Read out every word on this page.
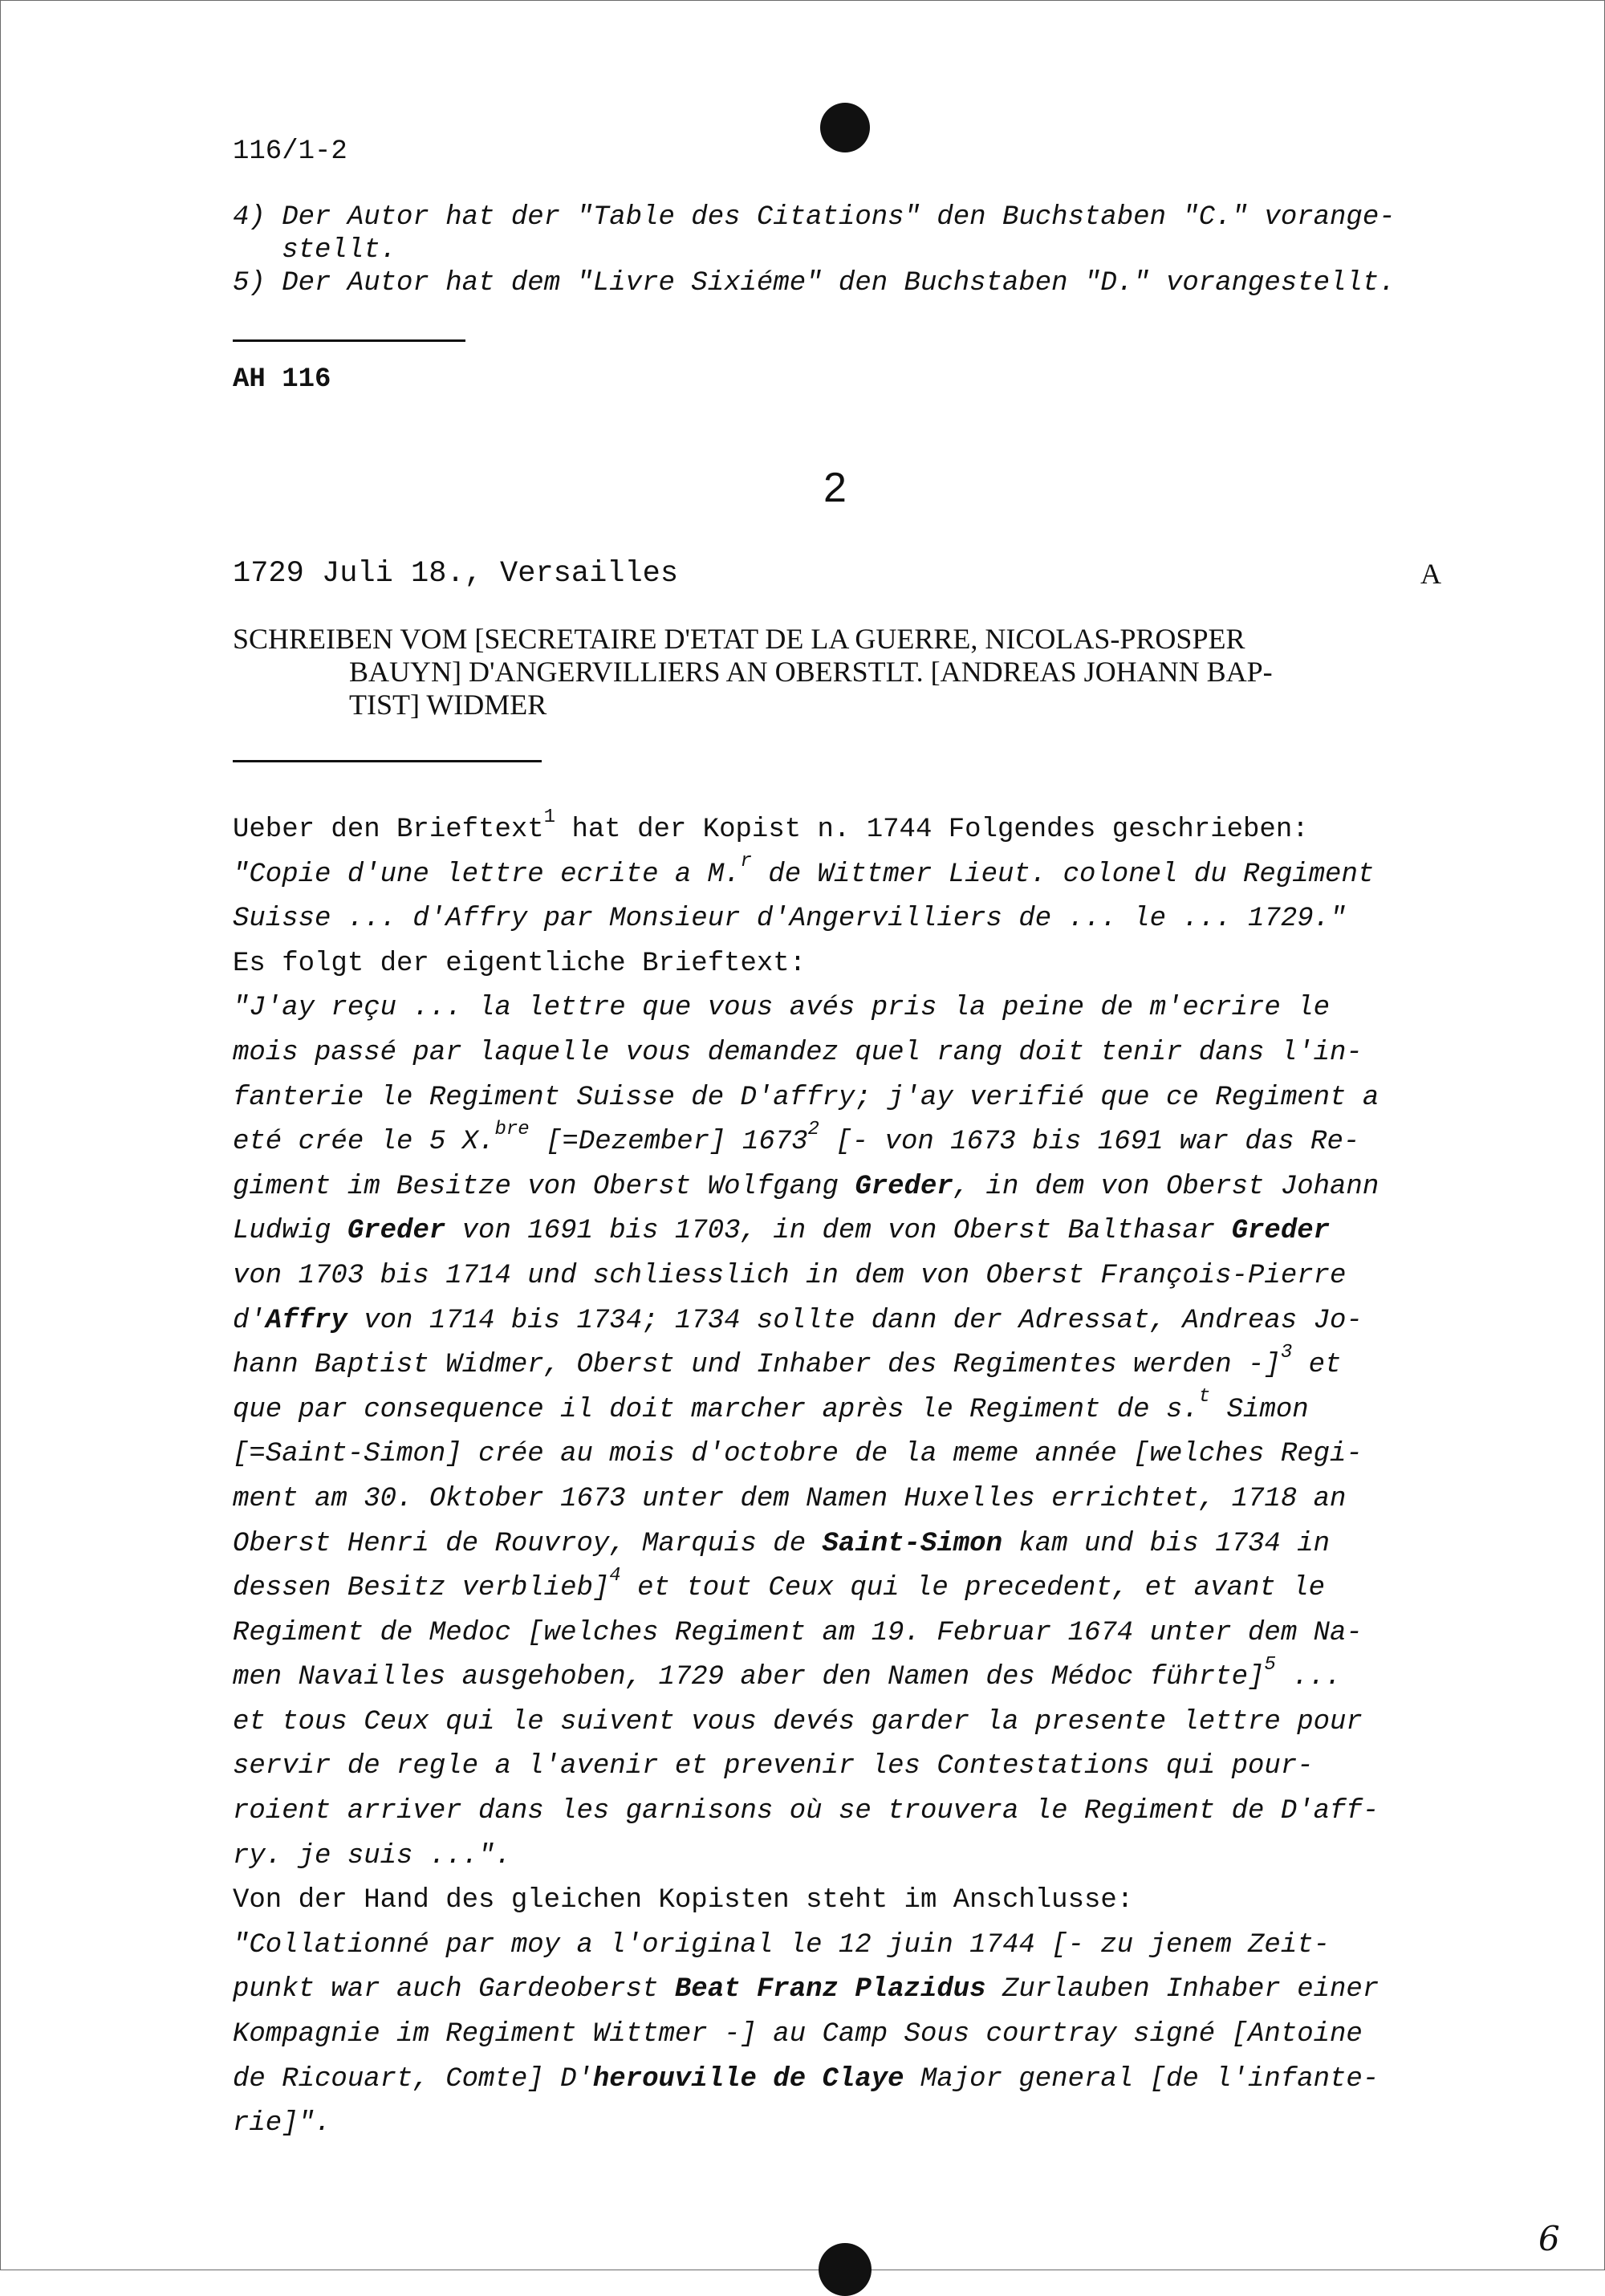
116/1-2
4) Der Autor hat der "Table des Citations" den Buchstaben "C." vorange-
stellt.
5) Der Autor hat dem "Livre Sixiéme" den Buchstaben "D." vorangestellt.
AH 116
2
1729 Juli 18., Versailles	A
SCHREIBEN VOM [SECRETAIRE D'ETAT DE LA GUERRE, NICOLAS-PROSPER
BAUYN] D'ANGERVILLIERS AN OBERSTLT. [ANDREAS JOHANN BAP-
TIST] WIDMER
Ueber den Brieftext$^1$ hat der Kopist n. 1744 Folgendes geschrieben:
"Copie d'une lettre ecrite a M.$^r$ de Wittmer Lieut. colonel du Regiment
Suisse ... d'Affry par Monsieur d'Angervilliers de ... le ... 1729."
Es folgt der eigentliche Brieftext:
"J'ay reçu ... la lettre que vous avés pris la peine de m'ecrire le
mois passé par laquelle vous demandez quel rang doit tenir dans l'in-
fanterie le Regiment Suisse de D'affry; j'ay verifié que ce Regiment a
eté crée le 5 X.$^{bre}$ [=Dezember] 1673$^2$ [- von 1673 bis 1691 war das Re-
giment im Besitze von Oberst Wolfgang Greder, in dem von Oberst Johann
Ludwig Greder von 1691 bis 1703, in dem von Oberst Balthasar Greder
von 1703 bis 1714 und schliesslich in dem von Oberst François-Pierre
d'Affry von 1714 bis 1734; 1734 sollte dann der Adressat, Andreas Jo-
hann Baptist Widmer, Oberst und Inhaber des Regimentes werden -]$^3$ et
que par consequence il doit marcher après le Regiment de s.$^t$ Simon
[=Saint-Simon] crée au mois d'octobre de la meme année [welches Regi-
ment am 30. Oktober 1673 unter dem Namen Huxelles errichtet, 1718 an
Oberst Henri de Rouvroy, Marquis de Saint-Simon kam und bis 1734 in
dessen Besitz verblieb]$^4$ et tout Ceux qui le precedent, et avant le
Regiment de Medoc [welches Regiment am 19. Februar 1674 unter dem Na-
men Navailles ausgehoben, 1729 aber den Namen des Médoc führte]$^5$ ...
et tous Ceux qui le suivent vous devés garder la presente lettre pour
servir de regle a l'avenir et prevenir les Contestations qui pour-
roient arriver dans les garnisons où se trouvera le Regiment de D'aff-
ry. je suis ...".
Von der Hand des gleichen Kopisten steht im Anschlusse:
"Collationné par moy a l'original le 12 juin 1744 [- zu jenem Zeit-
punkt war auch Gardeoberst Beat Franz Plazidus Zurlauben Inhaber einer
Kompagnie im Regiment Wittmer -] au Camp Sous courtray signé [Antoine
de Ricouart, Comte] D'herouville de Claye Major general [de l'infante-
rie]".
6
